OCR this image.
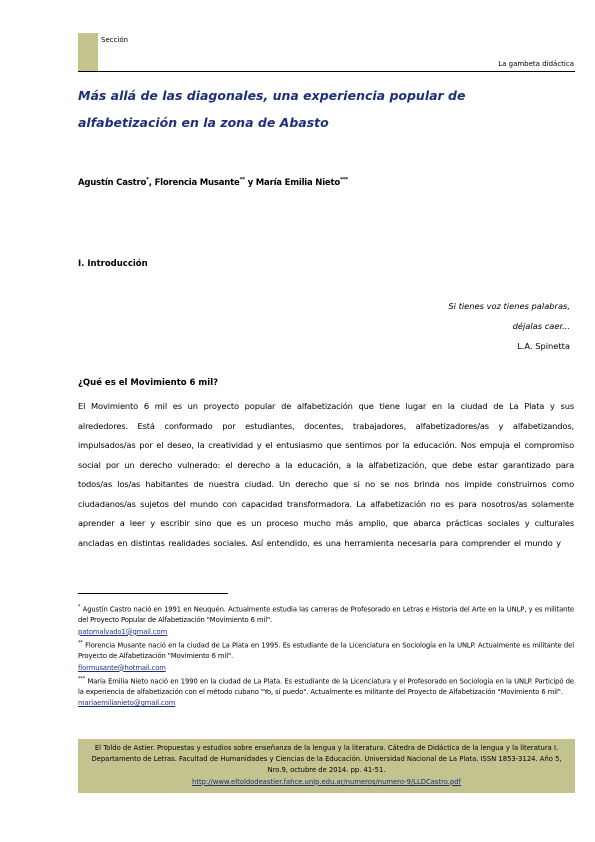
Sección
La gambeta didáctica
Más allá de las diagonales, una experiencia popular de alfabetización en la zona de Abasto
Agustín Castro*, Florencia Musante** y María Emilia Nieto***
I. Introducción
Si tienes voz tienes palabras,
déjalas caer...
L.A. Spinetta
¿Qué es el Movimiento 6 mil?
El Movimiento 6 mil es un proyecto popular de alfabetización que tiene lugar en la ciudad de La Plata y sus alrededores. Está conformado por estudiantes, docentes, trabajadores, alfabetizadores/as y alfabetizandos, impulsados/as por el deseo, la creatividad y el entusiasmo que sentimos por la educación. Nos empuja el compromiso social por un derecho vulnerado: el derecho a la educación, a la alfabetización, que debe estar garantizado para todos/as los/as habitantes de nuestra ciudad. Un derecho que si no se nos brinda nos impide construirnos como ciudadanos/as sujetos del mundo con capacidad transformadora. La alfabetización no es para nosotros/as solamente aprender a leer y escribir sino que es un proceso mucho más amplio, que abarca prácticas sociales y culturales ancladas en distintas realidades sociales. Así entendido, es una herramienta necesaria para comprender el mundo y

* Agustín Castro nació en 1991 en Neuquén. Actualmente estudia las carreras de Profesorado en Letras e Historia del Arte en la UNLP, y es militante del Proyecto Popular de Alfabetización "Movimiento 6 mil".
patomalvado1@gmail.com

** Florencia Musante nació en la ciudad de La Plata en 1995. Es estudiante de la Licenciatura en Sociología en la UNLP. Actualmente es militante del Proyecto de Alfabetización "Movimiento 6 mil".
flormusante@hotmail.com

*** María Emilia Nieto nació en 1990 en la ciudad de La Plata. Es estudiante de la Licenciatura y el Profesorado en Sociología en la UNLP. Participó de la experiencia de alfabetización con el método cubano "Yo, sí puedo". Actualmente es militante del Proyecto de Alfabetización "Movimiento 6 mil".
mariaemilianieto@gmail.com

El Toldo de Astier. Propuestas y estudios sobre enseñanza de la lengua y la literatura. Cátedra de Didáctica de la lengua y la literatura I. Departamento de Letras. Facultad de Humanidades y Ciencias de la Educación. Universidad Nacional de La Plata. ISSN 1853-3124. Año 5, Nro.9, octubre de 2014. pp. 41-51.
http://www.eltoldodeastier.fahce.unlp.edu.ar/numeros/numero-9/LLDCastro.pdf
